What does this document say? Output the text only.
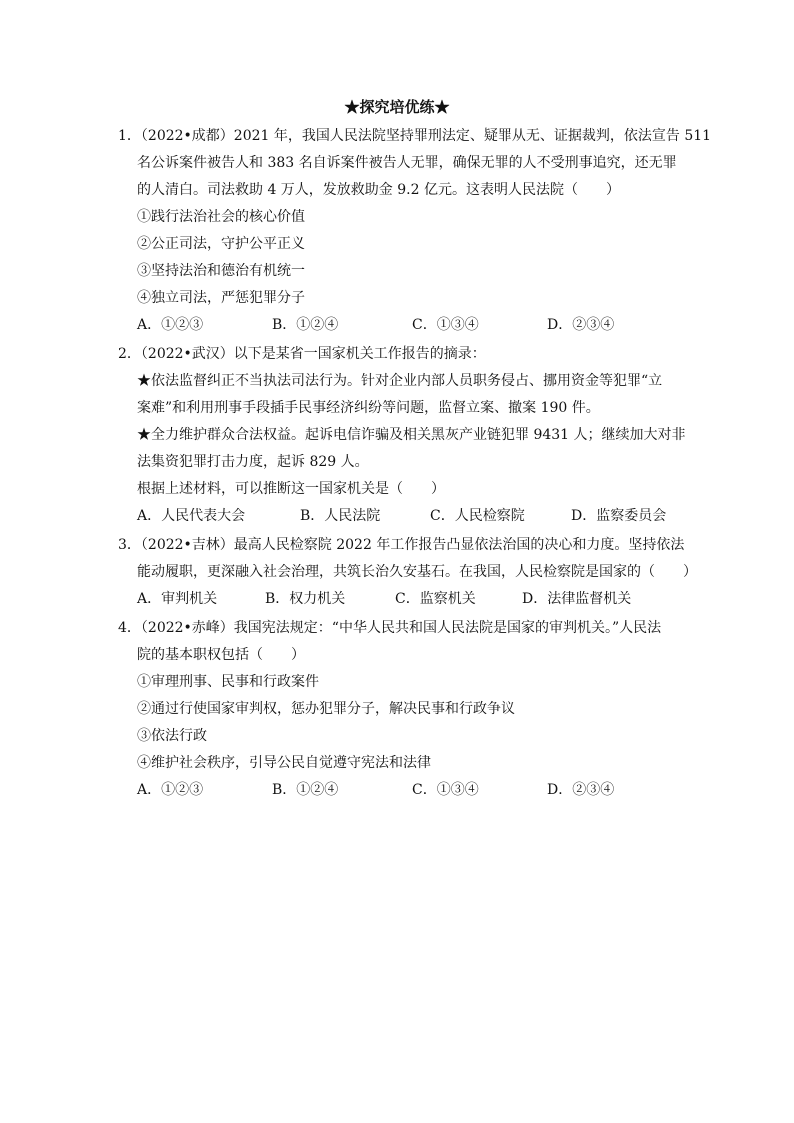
★探究培优练★
1．（2022•成都）2021 年，我国人民法院坚持罪刑法定、疑罪从无、证据裁判，依法宣告 511
名公诉案件被告人和 383 名自诉案件被告人无罪，确保无罪的人不受刑事追究，还无罪
的人清白。司法救助 4 万人，发放救助金 9.2 亿元。这表明人民法院（　　）
①践行法治社会的核心价值
②公正司法，守护公平正义
③坚持法治和德治有机统一
④独立司法，严惩犯罪分子
A．①②③	B．①②④	C．①③④	D．②③④
2．（2022•武汉）以下是某省一国家机关工作报告的摘录：
★依法监督纠正不当执法司法行为。针对企业内部人员职务侵占、挪用资金等犯罪“立
案难”和利用刑事手段插手民事经济纠纷等问题，监督立案、撤案 190 件。
★全力维护群众合法权益。起诉电信诈骗及相关黑灰产业链犯罪 9431 人；继续加大对非
法集资犯罪打击力度，起诉 829 人。
根据上述材料，可以推断这一国家机关是（　　）
A．人民代表大会	B．人民法院	C．人民检察院	D．监察委员会
3．（2022•吉林）最高人民检察院 2022 年工作报告凸显依法治国的决心和力度。坚持依法
能动履职，更深融入社会治理，共筑长治久安基石。在我国，人民检察院是国家的（　　）
A．审判机关	B．权力机关	C．监察机关	D．法律监督机关
4．（2022•赤峰）我国宪法规定：“中华人民共和国人民法院是国家的审判机关。”人民法
院的基本职权包括（　　）
①审理刑事、民事和行政案件
②通过行使国家审判权，惩办犯罪分子，解决民事和行政争议
③依法行政
④维护社会秩序，引导公民自觉遵守宪法和法律
A．①②③	B．①②④	C．①③④	D．②③④
